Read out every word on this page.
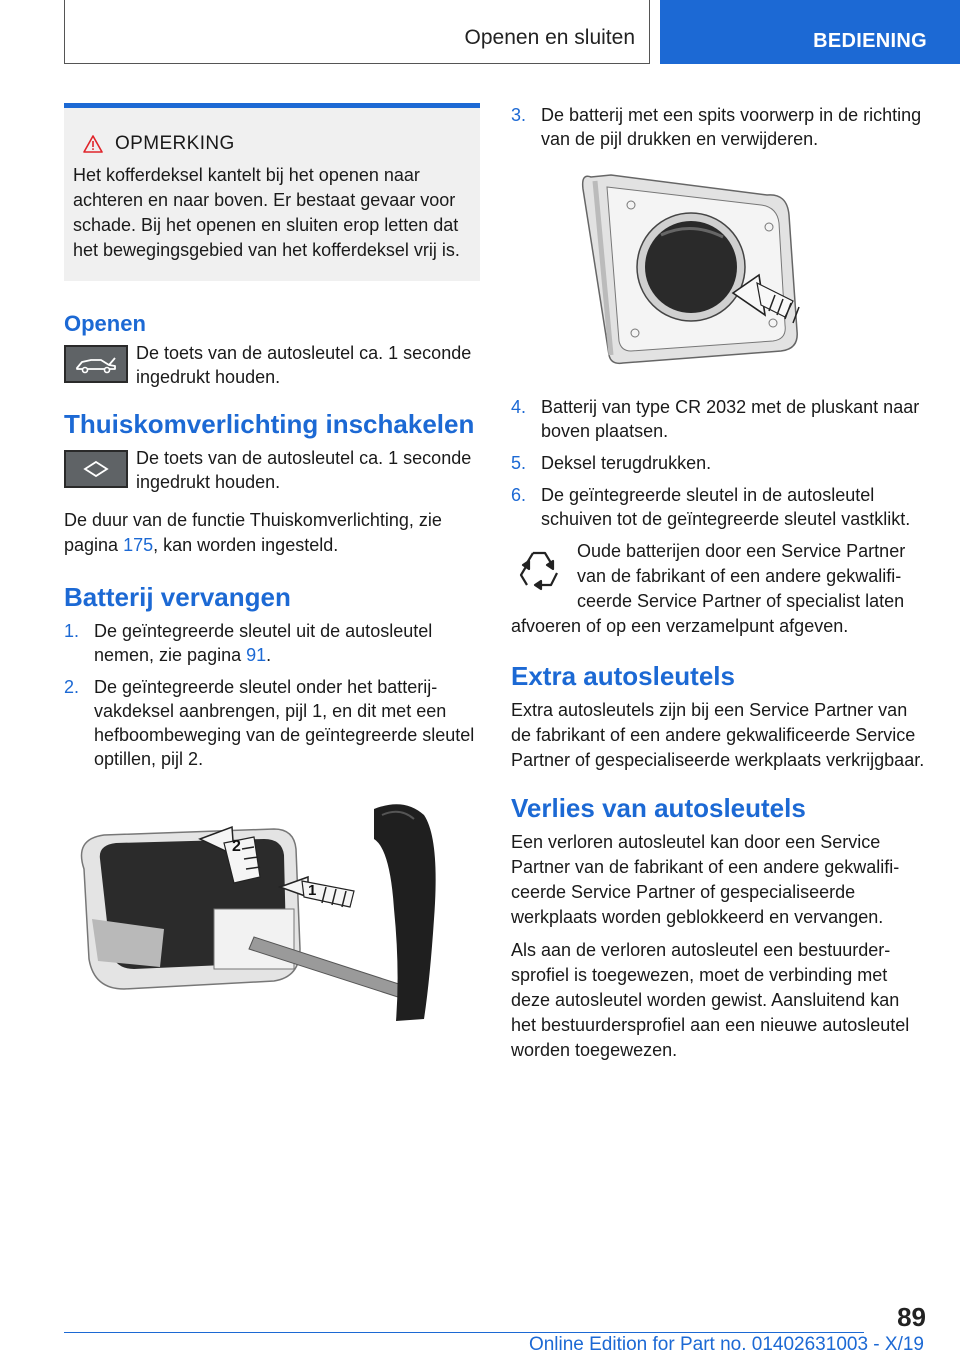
Openen en sluiten	BEDIENING
OPMERKING
Het kofferdeksel kantelt bij het openen naar achteren en naar boven. Er bestaat gevaar voor schade. Bij het openen en sluiten erop letten dat het bewegingsgebied van het kofferdeksel vrij is.
Openen
De toets van de autosleutel ca. 1 seconde ingedrukt houden.
Thuiskomverlichting inschakelen
De toets van de autosleutel ca. 1 seconde ingedrukt houden.

De duur van de functie Thuiskomverlichting, zie pagina 175, kan worden ingesteld.

Batterij vervangen
1. De geïntegreerde sleutel uit de autosleutel nemen, zie pagina 91.
2. De geïntegreerde sleutel onder het batterijvakdeksel aanbrengen, pijl 1, en dit met een hefboombeweging van de geïntegreerde sleutel optillen, pijl 2.
2
1
3. De batterij met een spits voorwerp in de richting van de pijl drukken en verwijderen.
4. Batterij van type CR 2032 met de pluskant naar boven plaatsen.
5. Deksel terugdrukken.
6. De geïntegreerde sleutel in de autosleutel schuiven tot de geïntegreerde sleutel vastklikt.
Oude batterijen door een Service Partner van de fabrikant of een andere gekwalificeerde Service Partner of specialist laten
afvoeren of op een verzamelpunt afgeven.
Extra autosleutels

Extra autosleutels zijn bij een Service Partner van de fabrikant of een andere gekwalificeerde Service Partner of gespecialiseerde werkplaats verkrijgbaar.

Verlies van autosleutels

Een verloren autosleutel kan door een Service Partner van de fabrikant of een andere gekwalificeerde Service Partner of gespecialiseerde werkplaats worden geblokkeerd en vervangen.

Als aan de verloren autosleutel een bestuurdersprofiel is toegewezen, moet de verbinding met deze autosleutel worden gewist. Aansluitend kan het bestuurdersprofiel aan een nieuwe autosleutel worden toegewezen.

89
Online Edition for Part no. 01402631003 - X/19
